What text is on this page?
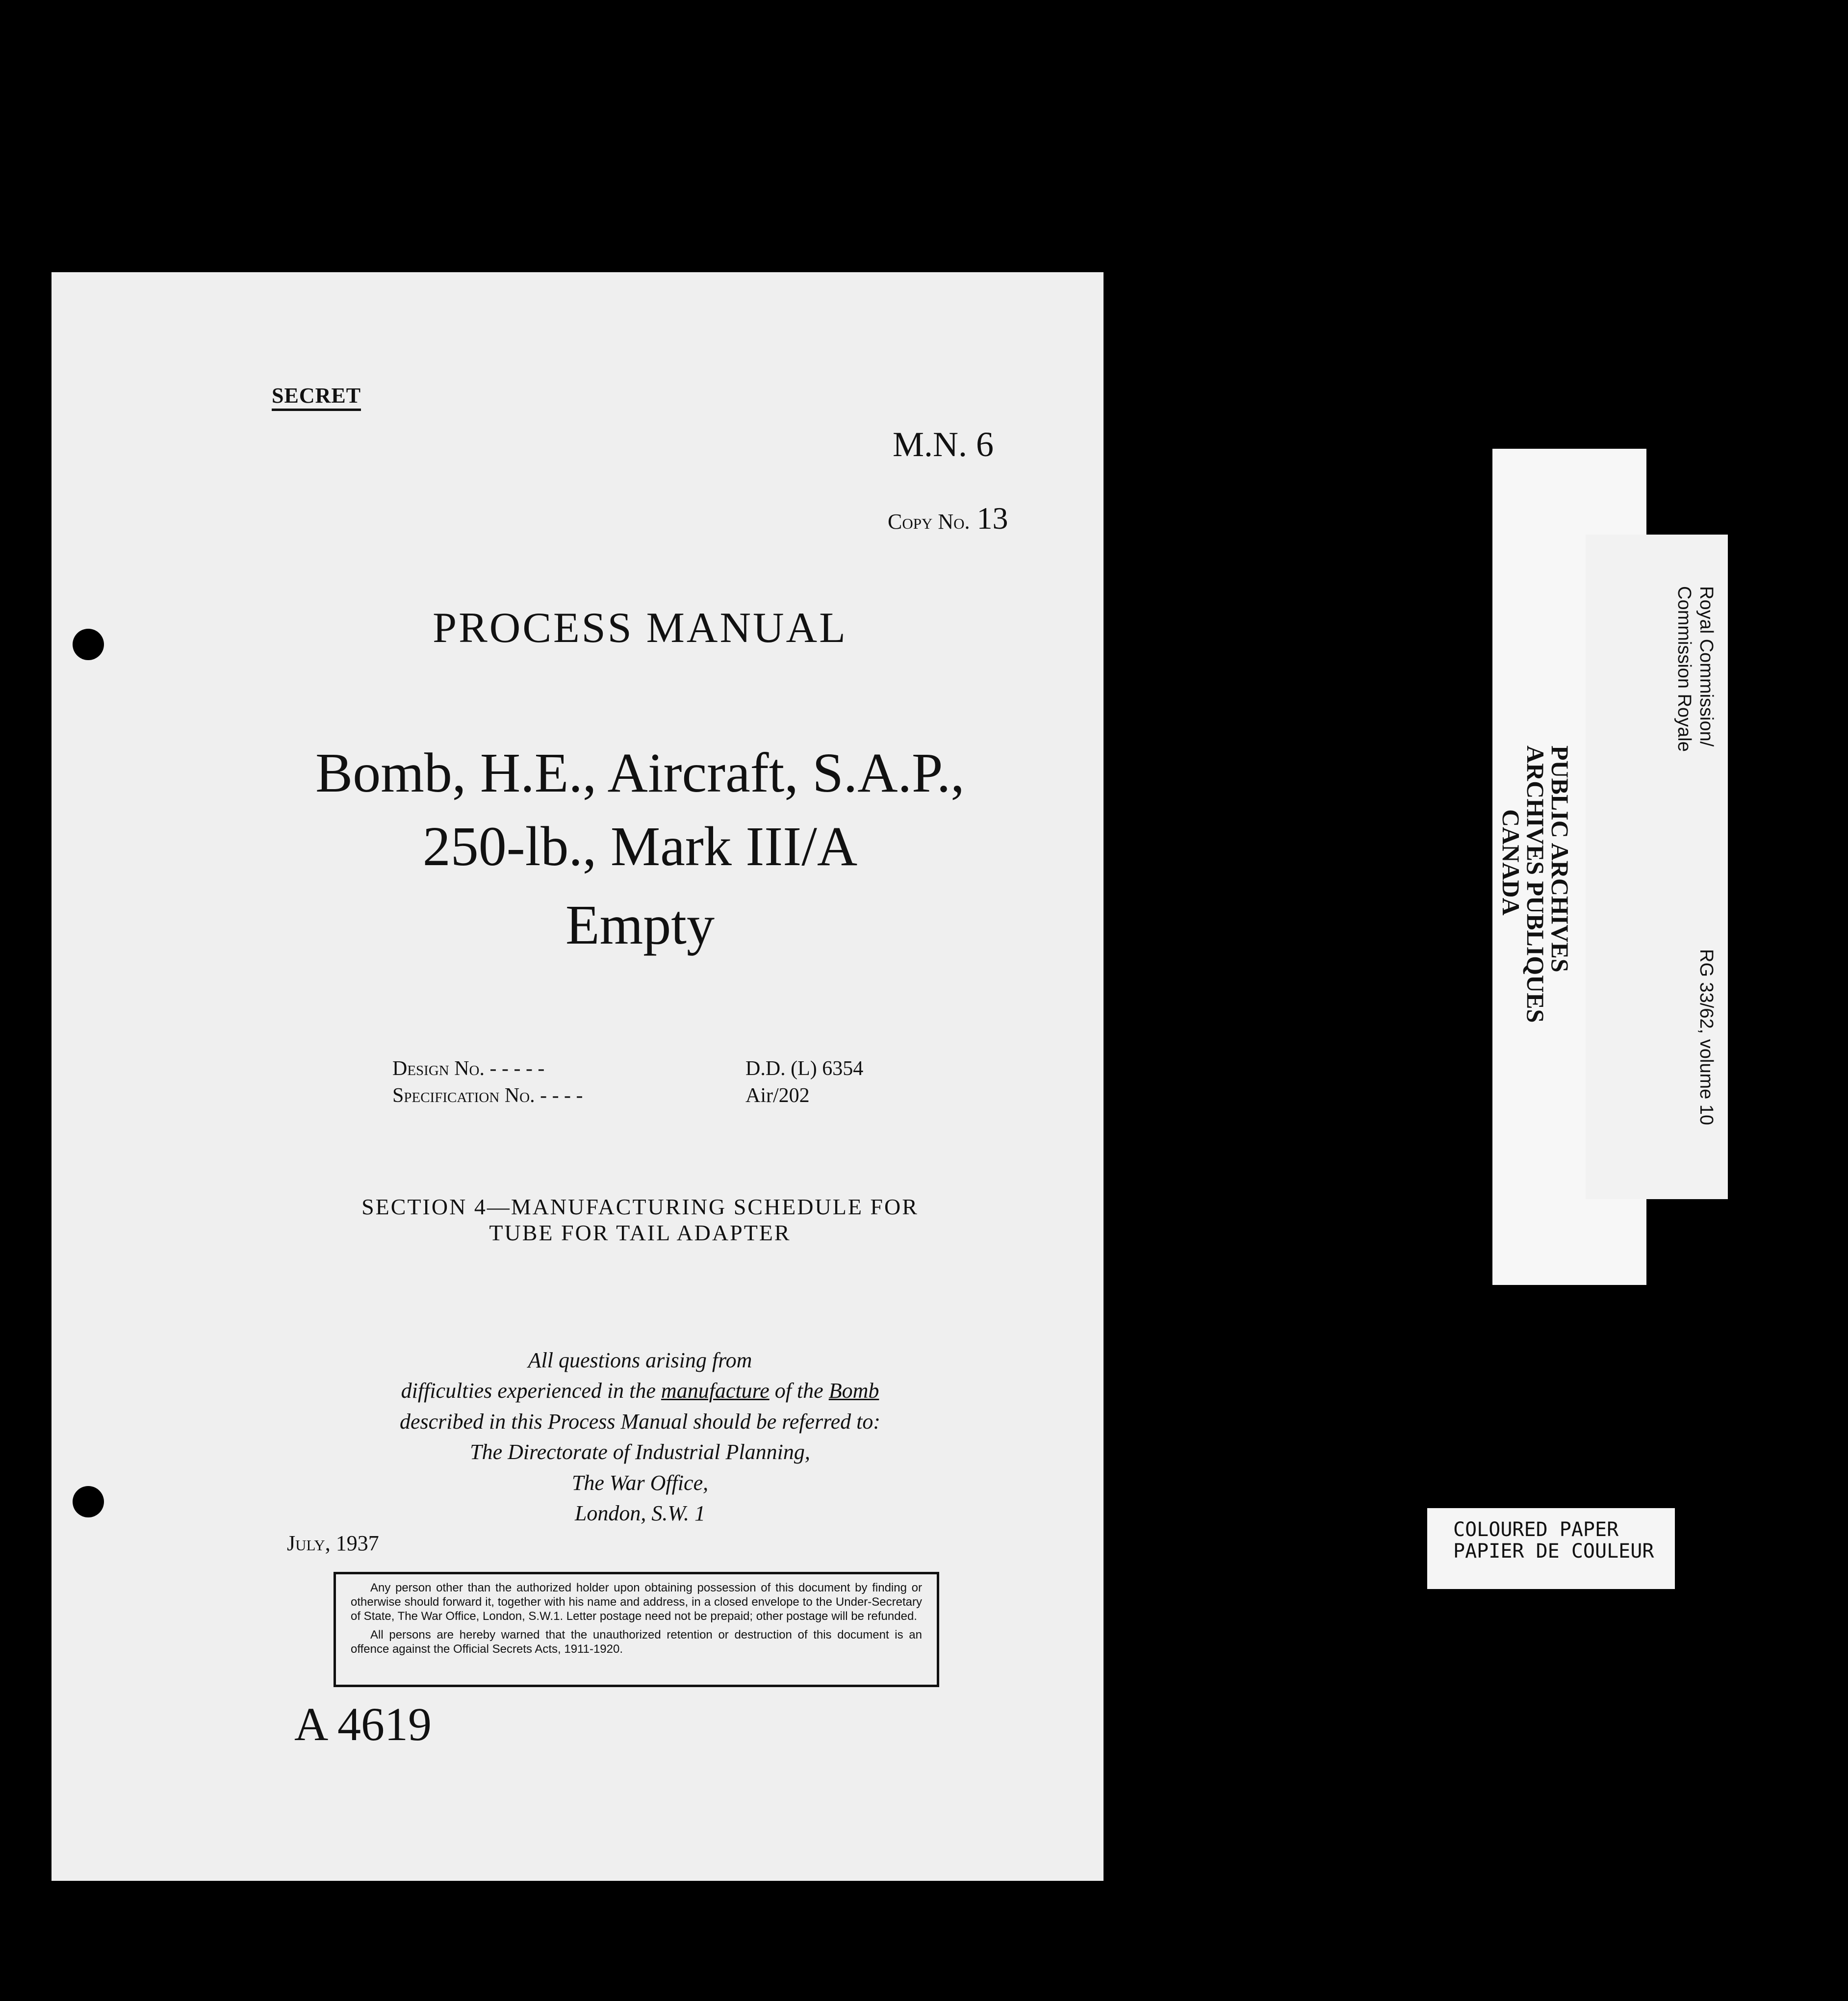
SECRET
M.N. 6
Copy No. 13
PROCESS MANUAL
Bomb, H.E., Aircraft, S.A.P.,
250-lb., Mark III/A
Empty
Design No. - - - - -	D.D. (L) 6354
Specification No. - - - -	Air/202
SECTION 4—MANUFACTURING SCHEDULE FOR
TUBE FOR TAIL ADAPTER
All questions arising from
difficulties experienced in the manufacture of the Bomb
described in this Process Manual should be referred to:
The Directorate of Industrial Planning,
The War Office,
London, S.W. 1
July, 1937

Any person other than the authorized holder upon obtaining possession of this document by finding or otherwise should forward it, together with his name and address, in a closed envelope to the Under-Secretary of State, The War Office, London, S.W.1. Letter postage need not be prepaid; other postage will be refunded.

All persons are hereby warned that the unauthorized retention or destruction of this document is an offence against the Official Secrets Acts, 1911-1920.

A 4619
Royal Commission/
Commission Royale
PUBLIC ARCHIVES
ARCHIVES PUBLIQUES
CANADA
RG 33/62, volume 10
COLOURED PAPER
PAPIER DE COULEUR
